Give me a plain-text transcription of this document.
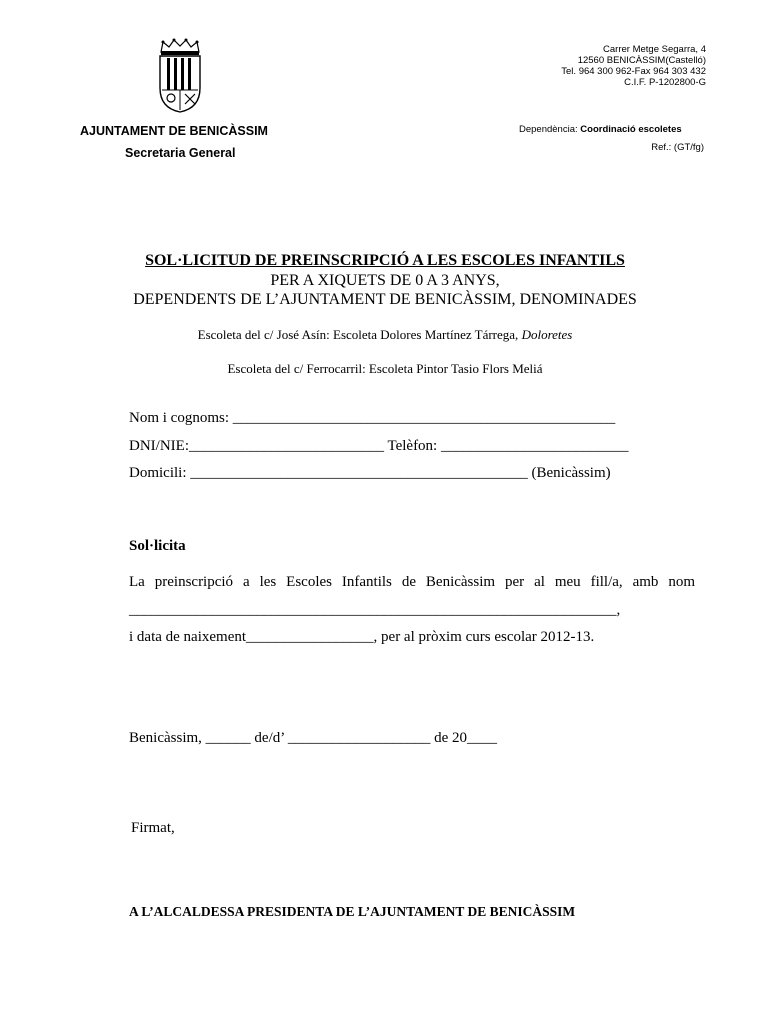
Carrer Metge Segarra, 4
12560 BENICÀSSIM(Castelló)
Tel. 964 300 962-Fax 964 303 432
C.I.F. P-1202800-G
AJUNTAMENT DE BENICÀSSIM
Secretaria General
Dependència: Coordinació escoletes
Ref.: (GT/fg)
SOL·LICITUD DE PREINSCRIPCIÓ A LES ESCOLES INFANTILS
PER A XIQUETS DE 0 A 3 ANYS,
DEPENDENTS DE L’AJUNTAMENT DE BENICÀSSIM, DENOMINADES
Escoleta del c/ José Asín: Escoleta Dolores Martínez Tárrega, Doloretes
Escoleta del c/ Ferrocarril: Escoleta Pintor Tasio Flors Meliá
Nom i cognoms: ___________________________________________________
DNI/NIE:__________________________ Telèfon: _________________________
Domicili: _____________________________________________ (Benicàssim)
Sol·licita
La preinscripció a les Escoles Infantils de Benicàssim per al meu fill/a, amb nom
_________________________________________________________________,
i data de naixement_________________, per al pròxim curs escolar 2012-13.
Benicàssim, ______ de/d’ ___________________ de 20____
Firmat,
A L’ALCALDESSA PRESIDENTA DE L’AJUNTAMENT DE BENICÀSSIM
